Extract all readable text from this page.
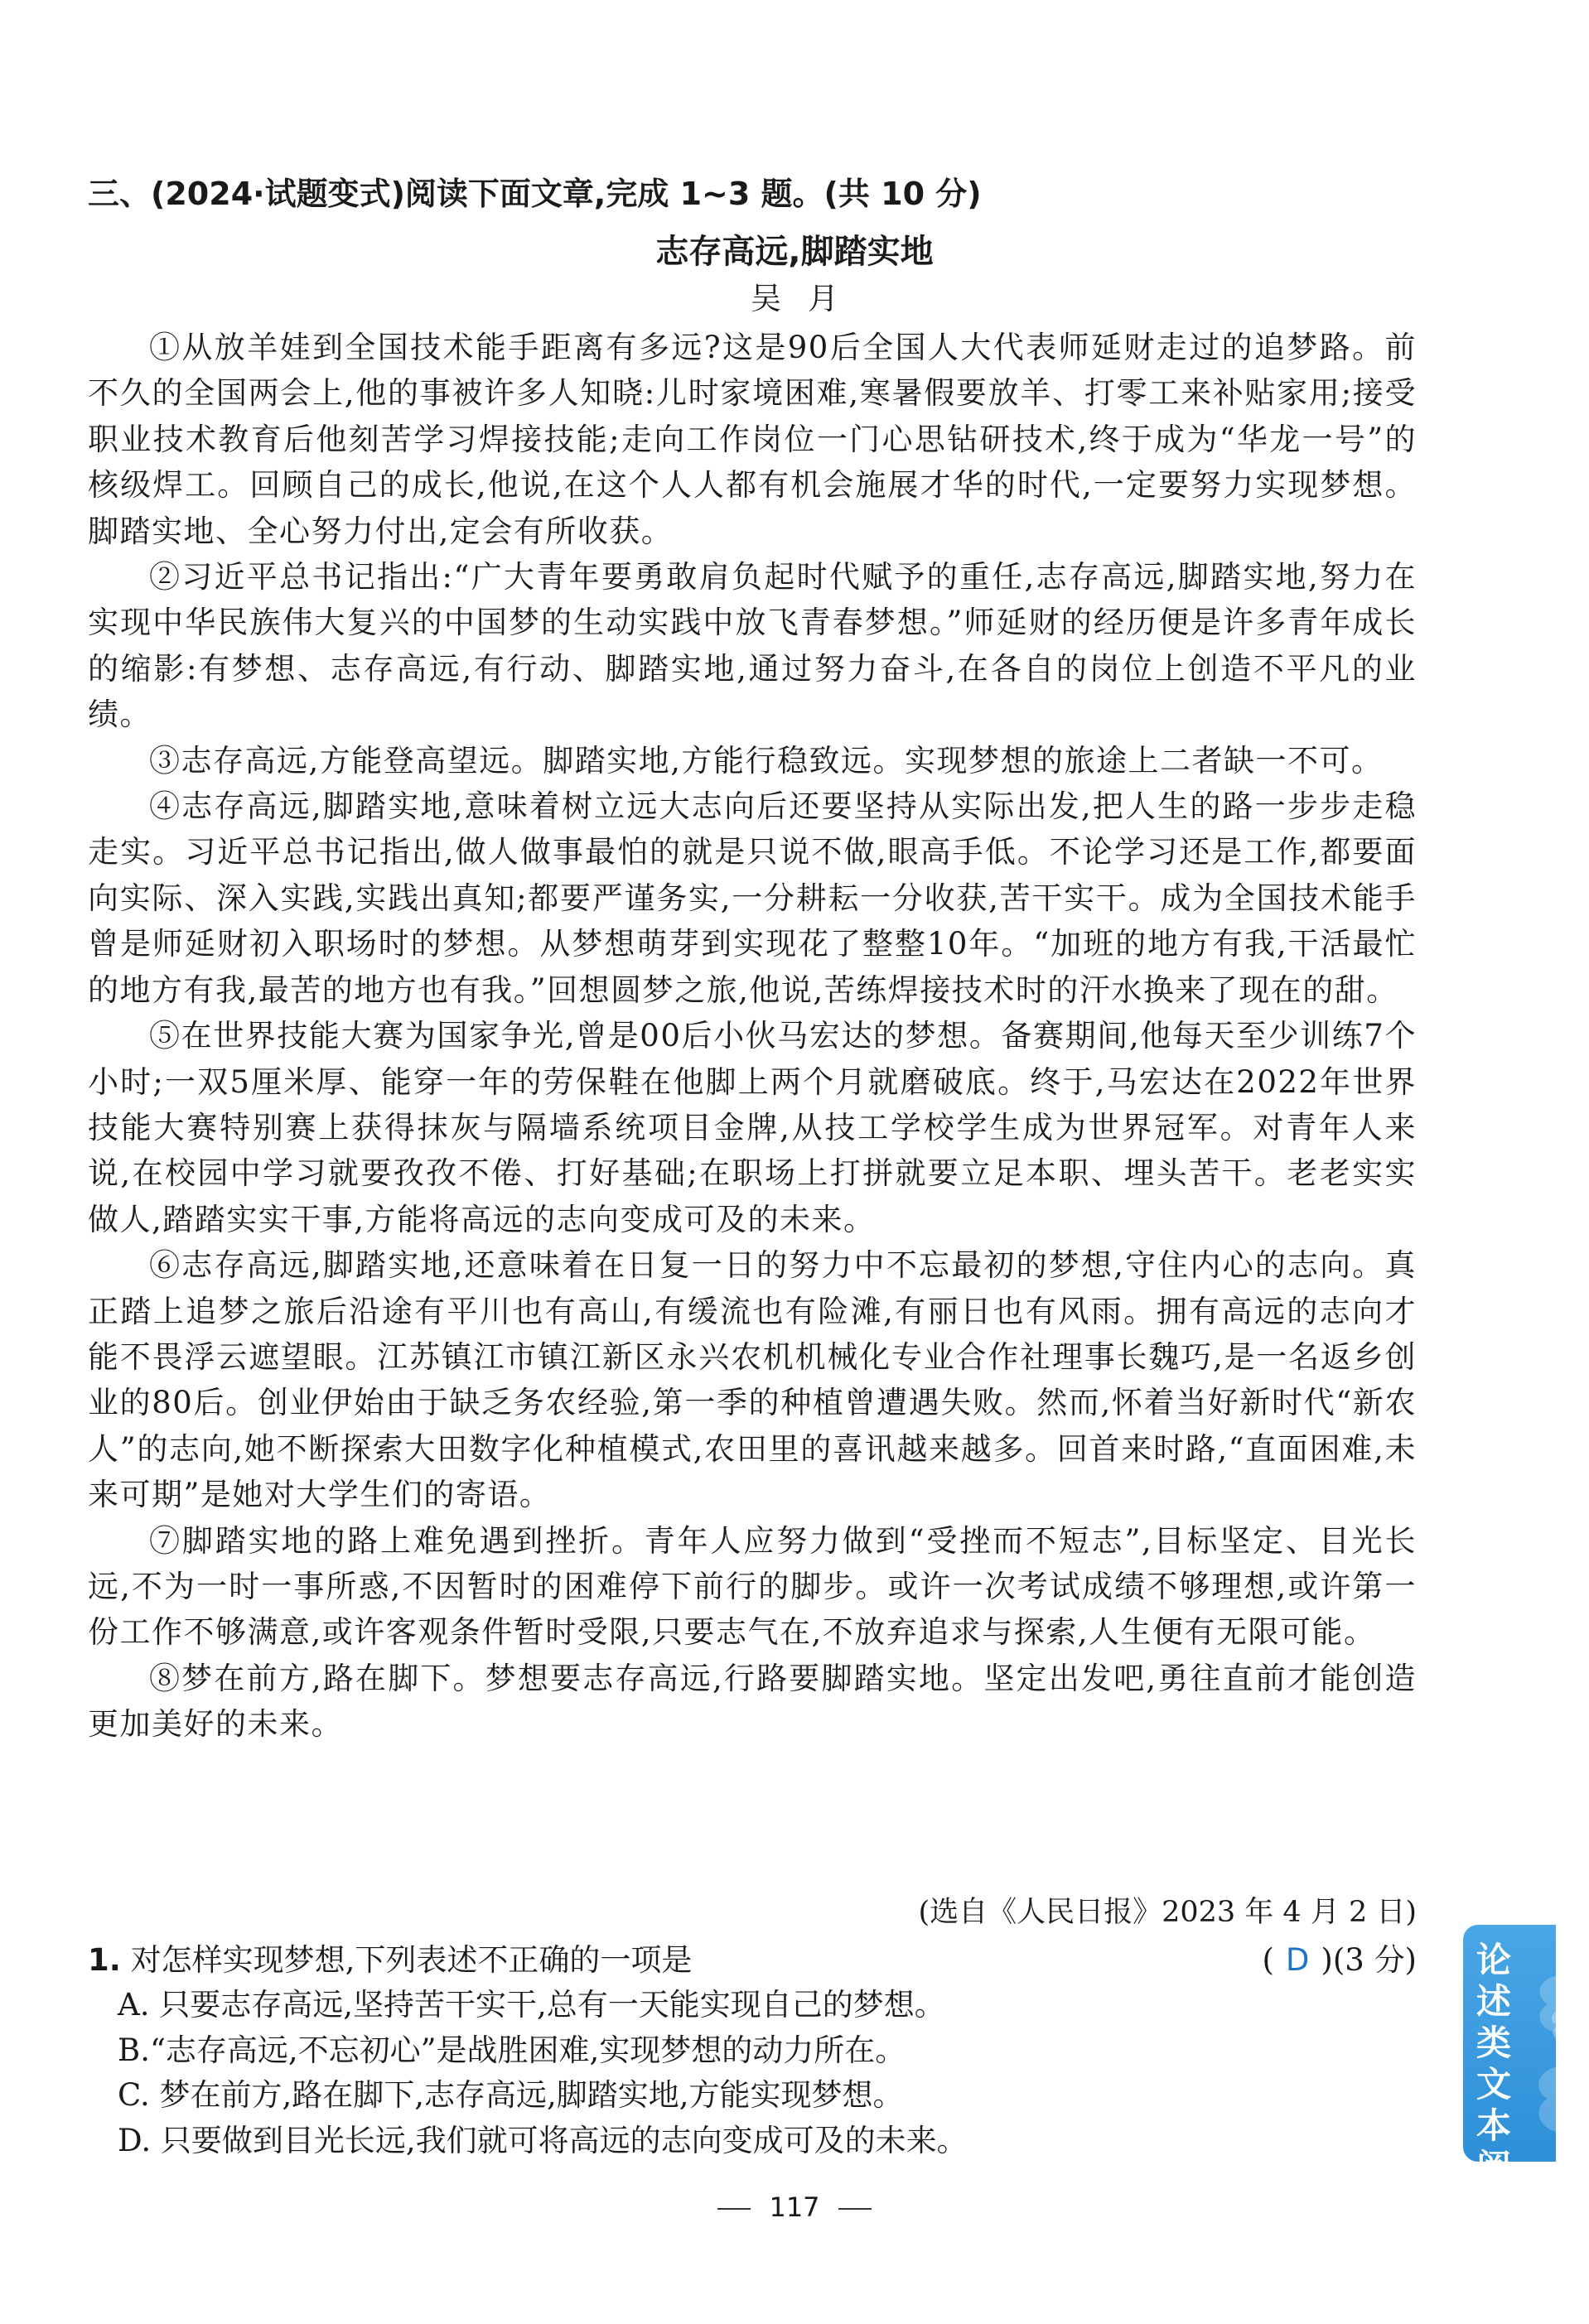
三、(2024·试题变式)阅读下面文章,完成 1~3 题。(共 10 分)
志存高远,脚踏实地
吴月

①从放羊娃到全国技术能手距离有多远?这是90后全国人大代表师延财走过的追梦路。前不久的全国两会上,他的事被许多人知晓:儿时家境困难,寒暑假要放羊、打零工来补贴家用;接受职业技术教育后他刻苦学习焊接技能;走向工作岗位一门心思钻研技术,终于成为“华龙一号”的核级焊工。回顾自己的成长,他说,在这个人人都有机会施展才华的时代,一定要努力实现梦想。脚踏实地、全心努力付出,定会有所收获。

②习近平总书记指出:“广大青年要勇敢肩负起时代赋予的重任,志存高远,脚踏实地,努力在实现中华民族伟大复兴的中国梦的生动实践中放飞青春梦想。”师延财的经历便是许多青年成长的缩影:有梦想、志存高远,有行动、脚踏实地,通过努力奋斗,在各自的岗位上创造不平凡的业绩。

③志存高远,方能登高望远。脚踏实地,方能行稳致远。实现梦想的旅途上二者缺一不可。

④志存高远,脚踏实地,意味着树立远大志向后还要坚持从实际出发,把人生的路一步步走稳走实。习近平总书记指出,做人做事最怕的就是只说不做,眼高手低。不论学习还是工作,都要面向实际、深入实践,实践出真知;都要严谨务实,一分耕耘一分收获,苦干实干。成为全国技术能手曾是师延财初入职场时的梦想。从梦想萌芽到实现花了整整10年。“加班的地方有我,干活最忙的地方有我,最苦的地方也有我。”回想圆梦之旅,他说,苦练焊接技术时的汗水换来了现在的甜。

⑤在世界技能大赛为国家争光,曾是00后小伙马宏达的梦想。备赛期间,他每天至少训练7个小时;一双5厘米厚、能穿一年的劳保鞋在他脚上两个月就磨破底。终于,马宏达在2022年世界技能大赛特别赛上获得抹灰与隔墙系统项目金牌,从技工学校学生成为世界冠军。对青年人来说,在校园中学习就要孜孜不倦、打好基础;在职场上打拼就要立足本职、埋头苦干。老老实实做人,踏踏实实干事,方能将高远的志向变成可及的未来。

⑥志存高远,脚踏实地,还意味着在日复一日的努力中不忘最初的梦想,守住内心的志向。真正踏上追梦之旅后沿途有平川也有高山,有缓流也有险滩,有丽日也有风雨。拥有高远的志向才能不畏浮云遮望眼。江苏镇江市镇江新区永兴农机机械化专业合作社理事长魏巧,是一名返乡创业的80后。创业伊始由于缺乏务农经验,第一季的种植曾遭遇失败。然而,怀着当好新时代“新农人”的志向,她不断探索大田数字化种植模式,农田里的喜讯越来越多。回首来时路,“直面困难,未来可期”是她对大学生们的寄语。

⑦脚踏实地的路上难免遇到挫折。青年人应努力做到“受挫而不短志”,目标坚定、目光长远,不为一时一事所惑,不因暂时的困难停下前行的脚步。或许一次考试成绩不够理想,或许第一份工作不够满意,或许客观条件暂时受限,只要志气在,不放弃追求与探索,人生便有无限可能。

⑧梦在前方,路在脚下。梦想要志存高远,行路要脚踏实地。坚定出发吧,勇往直前才能创造更加美好的未来。

(选自《人民日报》2023 年 4 月 2 日)
1. 对怎样实现梦想,下列表述不正确的一项是	( D )(3 分)
A. 只要志存高远,坚持苦干实干,总有一天能实现自己的梦想。
B.“志存高远,不忘初心”是战胜困难,实现梦想的动力所在。
C. 梦在前方,路在脚下,志存高远,脚踏实地,方能实现梦想。
D. 只要做到目光长远,我们就可将高远的志向变成可及的未来。
论述类文本阅读
117
